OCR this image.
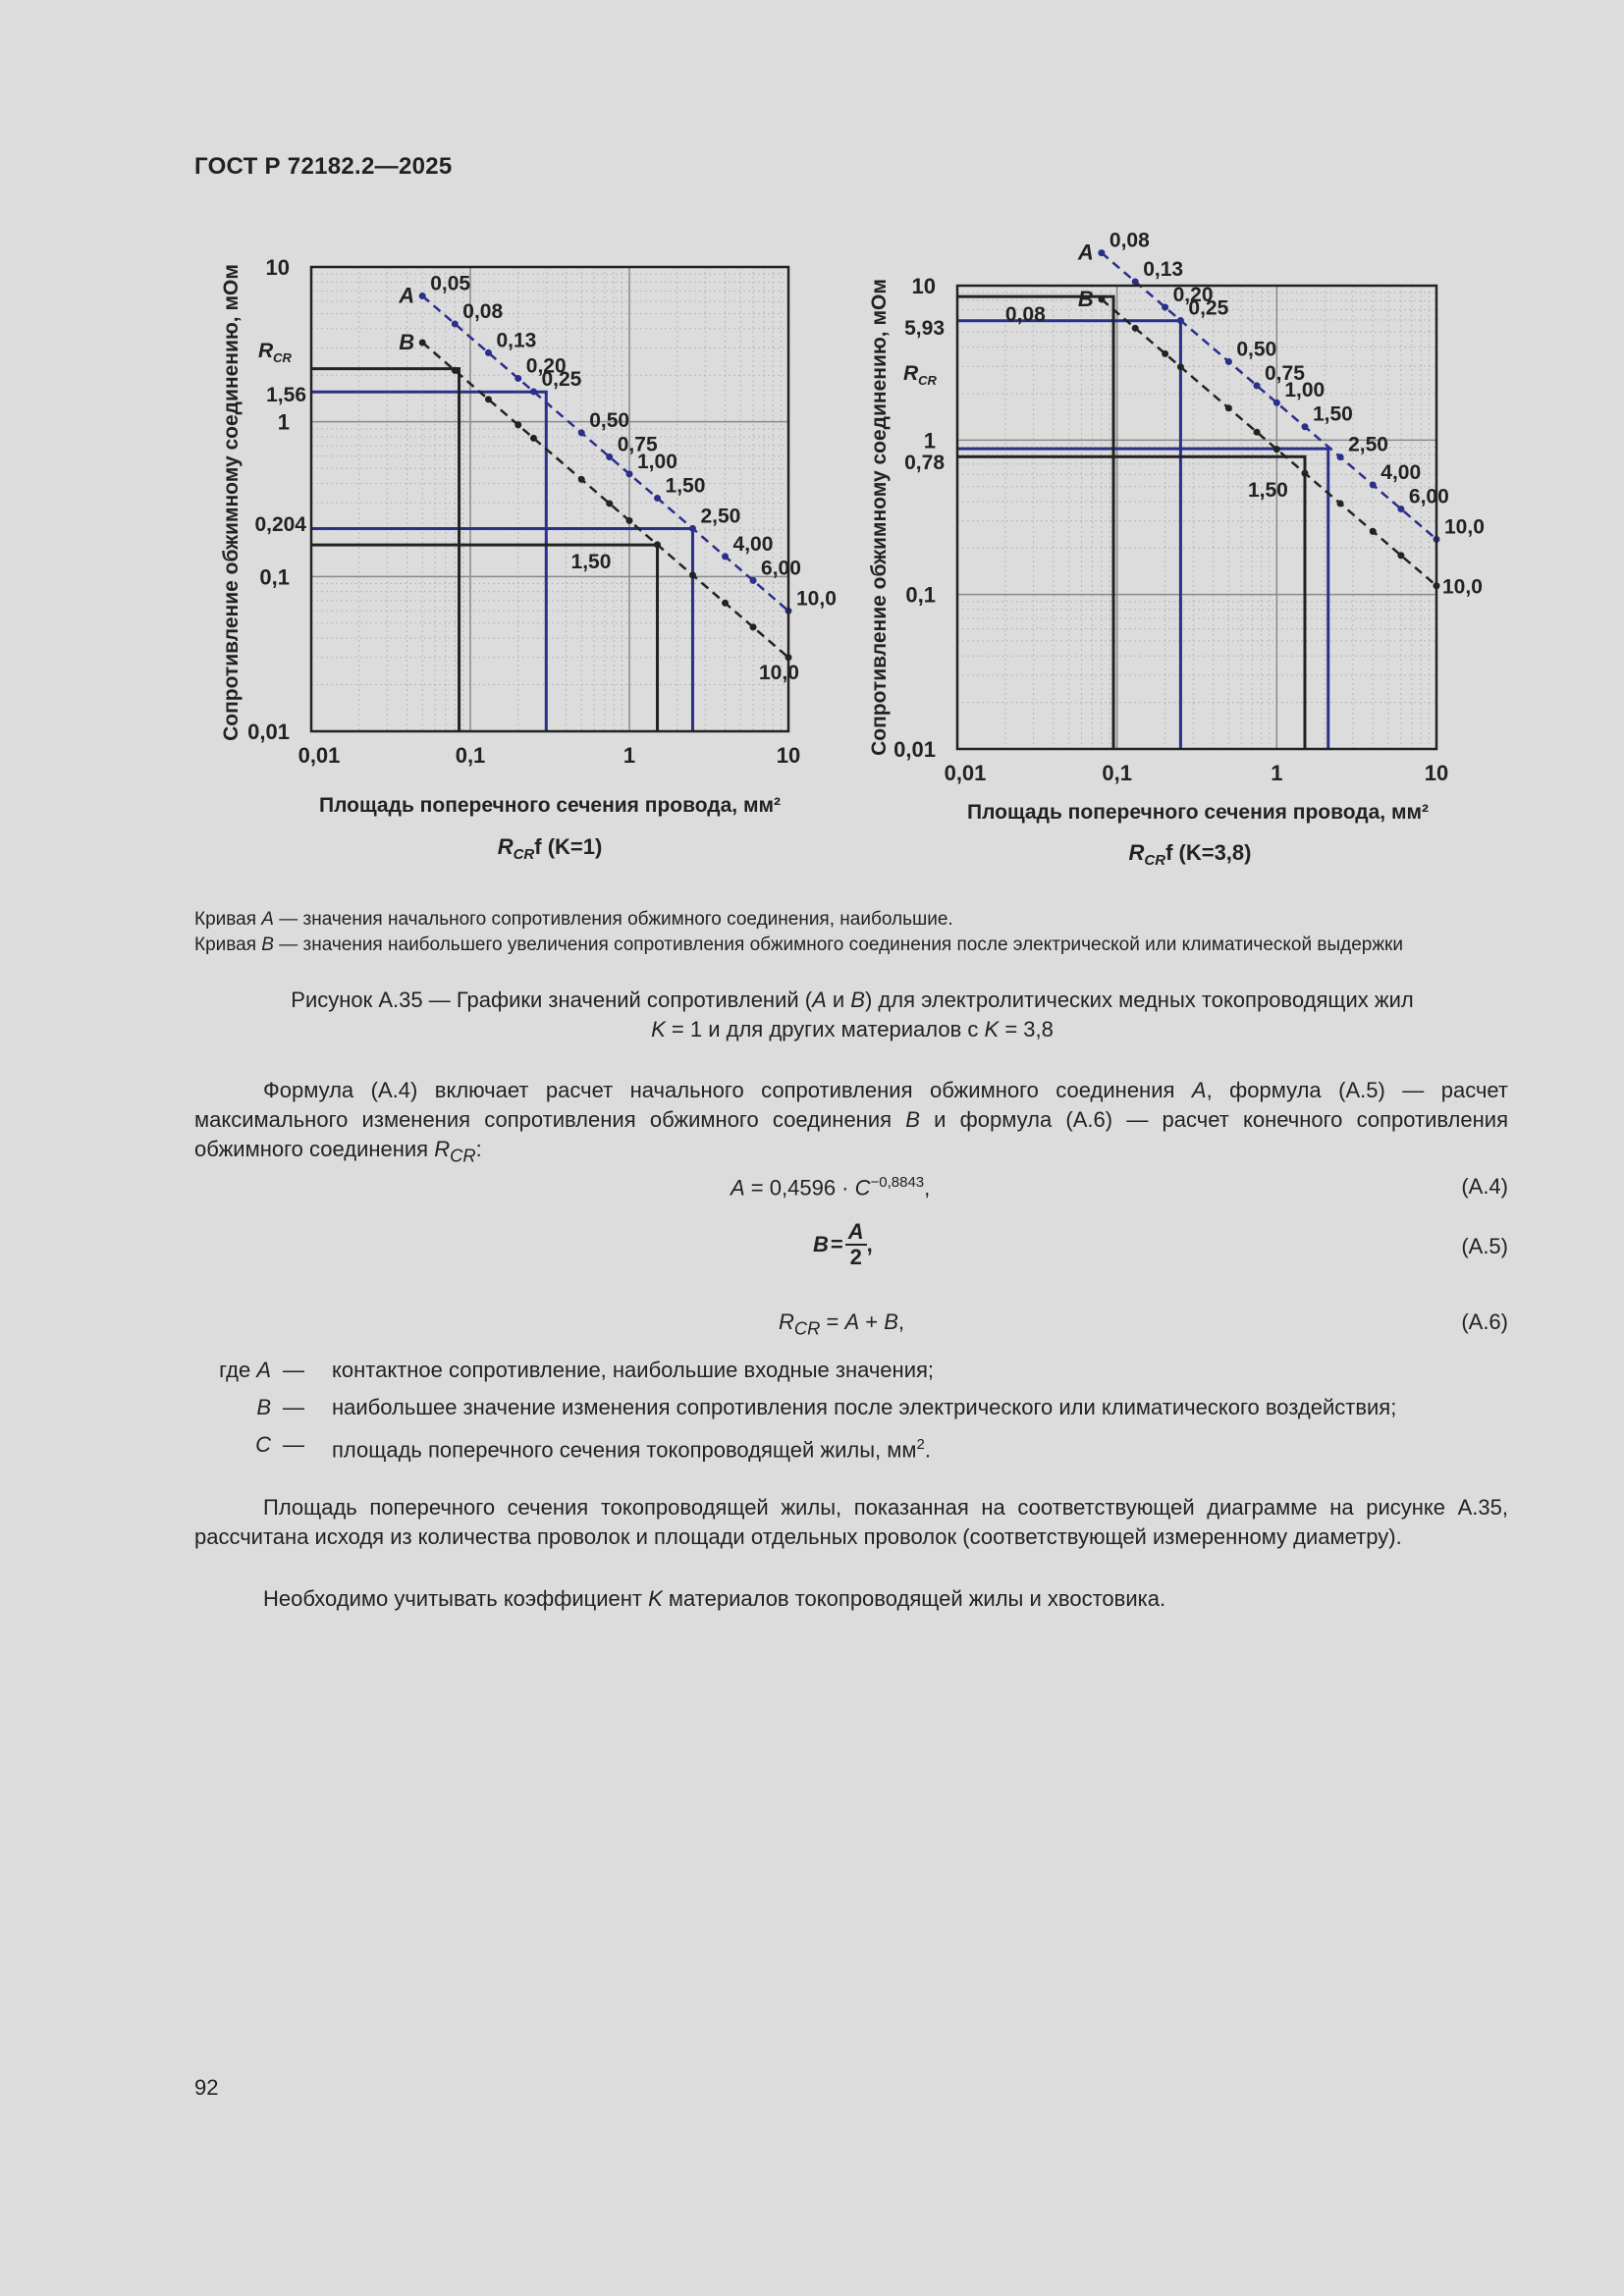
ГОСТ Р 72182.2—2025
A
B
0,01	0,1	1	10
10
1
0,1
0,01
Сопротивление обжимному соединению, мОм
Площадь поперечного сечения провода, мм²
$R_{CR}f$ (K=1)
$R_{CR}$
1,56
0,204
0,05
0,08
0,13
0,20
0,25
0,50
0,75
1,00
1,50
2,50
4,00
6,00
10,0
1,50
10,0
A
B
0,01	0,1	1	10
10
1
0,1
0,01
Сопротивление обжимному соединению, мОм
Площадь поперечного сечения провода, мм²
$R_{CR}f$ (K=3,8)
$R_{CR}$
5,93
0,78
0,08
0,13
0,20
0,25
0,50
0,75
1,00
1,50
2,50
4,00
6,00
10,0
0,08
1,50
10,0
Кривая A — значения начального сопротивления обжимного соединения, наибольшие.
Кривая B — значения наибольшего увеличения сопротивления обжимного соединения после электрической или климатической выдержки
Рисунок А.35 — Графики значений сопротивлений (A и B) для электролитических медных токопроводящих жил
K = 1 и для других материалов с K = 3,8
Формула (А.4) включает расчет начального сопротивления обжимного соединения A, формула (А.5) — расчет максимального изменения сопротивления обжимного соединения B и формула (А.6) — расчет конечного сопротивления обжимного соединения $R_{CR}$:
$A = 0,4596 \cdot C^{-0,8843}$,	(А.4)
$B = \frac{A}{2}$ ,	(А.5)
$R_{CR} = A + B$,	(А.6)
где A — контактное сопротивление, наибольшие входные значения;
B — наибольшее значение изменения сопротивления после электрического или климатического воздействия;
C — площадь поперечного сечения токопроводящей жилы, $мм^2$.
Площадь поперечного сечения токопроводящей жилы, показанная на соответствующей диаграмме на рисунке А.35, рассчитана исходя из количества проволок и площади отдельных проволок (соответствующей измеренному диаметру).
Необходимо учитывать коэффициент K материалов токопроводящей жилы и хвостовика.
92
